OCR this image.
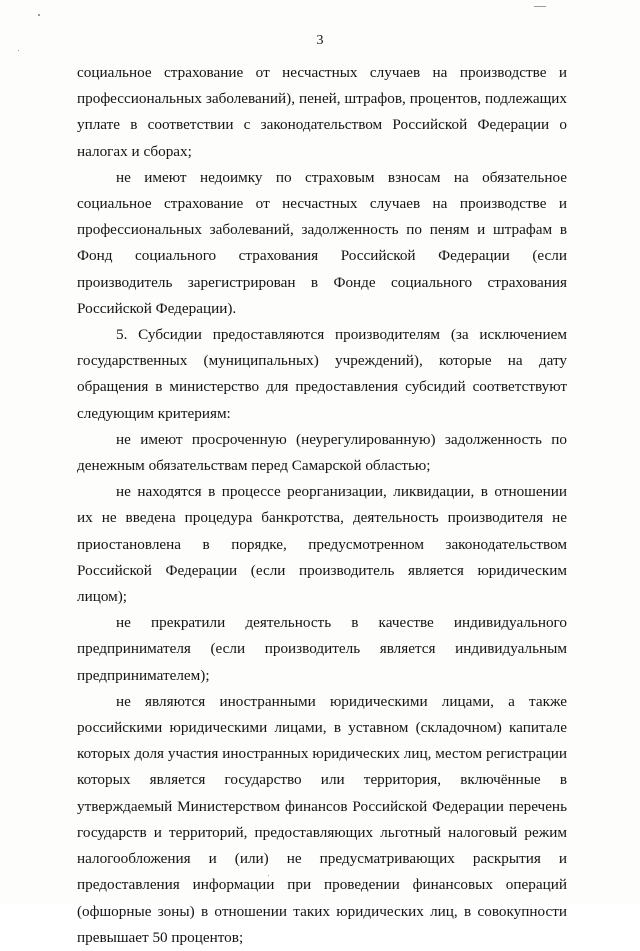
3

социальное страхование от несчастных случаев на производстве и профессиональных заболеваний), пеней, штрафов, процентов, подлежащих уплате в соответствии с законодательством Российской Федерации о налогах и сборах;

не имеют недоимку по страховым взносам на обязательное социальное страхование от несчастных случаев на производстве и профессиональных заболеваний, задолженность по пеням и штрафам в Фонд социального страхования Российской Федерации (если производитель зарегистрирован в Фонде социального страхования Российской Федерации).

5. Субсидии предоставляются производителям (за исключением государственных (муниципальных) учреждений), которые на дату обращения в министерство для предоставления субсидий соответствуют следующим критериям:

не имеют просроченную (неурегулированную) задолженность по денежным обязательствам перед Самарской областью;

не находятся в процессе реорганизации, ликвидации, в отношении их не введена процедура банкротства, деятельность производителя не приостановлена в порядке, предусмотренном законодательством Российской Федерации (если производитель является юридическим лицом);

не прекратили деятельность в качестве индивидуального предпринимателя (если производитель является индивидуальным предпринимателем);

не являются иностранными юридическими лицами, а также российскими юридическими лицами, в уставном (складочном) капитале которых доля участия иностранных юридических лиц, местом регистрации которых является государство или территория, включённые в утверждаемый Министерством финансов Российской Федерации перечень государств и территорий, предоставляющих льготный налоговый режим налогообложения и (или) не предусматривающих раскрытия и предоставления информации при проведении финансовых операций (офшорные зоны) в отношении таких юридических лиц, в совокупности превышает 50 процентов;
